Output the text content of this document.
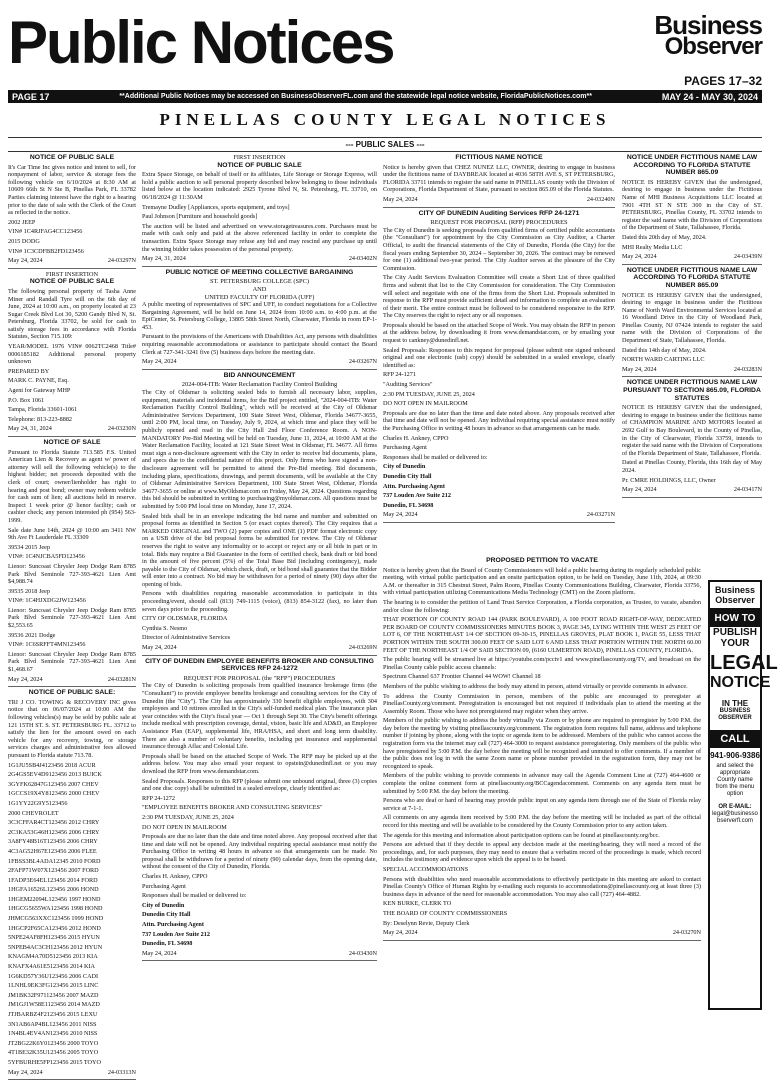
Public Notices	Business
Observer
PAGES 17–32
PAGE 17	**Additional Public Notices may be accessed on BusinessObserverFL.com and the statewide legal notice website, FloridaPublicNotices.com**	MAY 24 - MAY 30, 2024
PINELLAS COUNTY LEGAL NOTICES
--- PUBLIC SALES ---
NOTICE OF PUBLIC SALE

It's Car Time Inc gives notice and intent to sell, for nonpayment of labor, service & storage fees the following vehicle on 6/10/2024 at 8:30 AM at 10609 66th St N Ste B, Pinellas Park, FL 33782 Parties claiming interest have the right to a hearing prior to the date of sale with the Clerk of the Court as reflected in the notice.

2002 JEEP

VIN# 1C4RJFAG4CC123456

2015 DODG

VIN# 1C3CDFBB2FD123456

May 24, 2024	24-03297N
FIRST INSERTION
NOTICE OF PUBLIC SALE

The following personal property of Tasha Anne Miner and Randall Tyre will on the 6th day of June, 2024 at 10:00 a.m., on property located at 23 Sugar Creek Blvd Lot 30, 5200 Gandy Blvd N, St. Petersburg, Florida 33702, be sold for cash to satisfy storage fees in accordance with Florida Statutes, Section 715.109:

YEAR/MODEL 1976 VIN# 0062TC2468 Title# 0006185182 Additional personal property unknown

PREPARED BY

MARK C. PAYNE, Esq.

Agent for Gateway MHP

P.O. Box 1061

Tampa, Florida 33601-1061

Telephone: 813-223-8882

May 24, 31, 2024	24-03230N
NOTICE OF SALE

Pursuant to Florida Statute 713.585 F.S. United American Lien & Recovery as agent w/ power of attorney will sell the following vehicle(s) to the highest bidder; net proceeds deposited with the clerk of court; owner/lienholder has right to hearing and post bond; owner may redeem vehicle for cash sum of lien; all auctions held in reserve. Inspect 1 week prior @ lienor facility; cash or cashier check; any person interested ph (954) 563-1999.

Sale date June 14th, 2024 @ 10:00 am 3411 NW 9th Ave Ft Lauderdale FL 33309

39534 2015 Jeep

VIN#: 1C4NJCBA5FD123456

Lienor: Suncoast Chrysler Jeep Dodge Ram 8785 Park Blvd Seminole 727-393-4621 Lien Amt $4,988.74

39535 2018 Jeep

VIN#: 1C4HJXDG2JW123456

Lienor: Suncoast Chrysler Jeep Dodge Ram 8785 Park Blvd Seminole 727-393-4621 Lien Amt $2,553.65

39536 2021 Dodge

VIN#: 1C6SRFFT4MN123456

Lienor: Suncoast Chrysler Jeep Dodge Ram 8785 Park Blvd Seminole 727-393-4621 Lien Amt $1,468.67

May 24, 2024	24-03281N
NOTICE OF PUBLIC SALE:

TRI J CO. TOWING & RECOVERY INC gives notice that on 06/07/2024 at 10:00 AM the following vehicles(s) may be sold by public sale at 121 15TH ST. S. ST. PETERSBURG FL. 33712 to satisfy the lien for the amount owed on each vehicle for any recovery, towing, or storage services charges and administrative fees allowed pursuant to Florida statute 713.78.

1G1JU5SB4J4123456 2018 ACUR

2G4GS5EV4D9123456 2013 BUICK

3GYFK62847G123456 2007 CHEV

1GCCS19X4Y8123456 2000 CHEV

1G1YY22G9Y5123456

2000 CHEVROLET

3C3CFFAR4CT123456 2012 CHRY

2C3KA53G46H123456 2006 CHRY

3A8FY48B16T123456 2006 CHRY

4C3AG52H67E123456 2006 FLEE

1FBSS3BL4ADA12345 2010 FORD

2FAFP71W07X123456 2007 FORD

1FADP3E64EL123456 2014 FORD

1HGFA16526L123456 2006 HOND

1HGEM22094L123456 1997 HOND

1HGCG5655WA123456 1998 HOND

JHMCG563XXC123456 1999 HOND

1HGCP2F65CA123456 2012 HOND

5NPE24AF8FH123456 2015 HYUN

5NPEB4AC3CH123456 2012 HYUN

KNAGM4A70D5123456 2013 KIA

KNAFX4A61E5123456 2014 KIA

1G6KD57Y36U123456 2006 CADI

1LNHL9EK3FG123456 2015 LINC

JM1BK32F971123456 2007 MAZD

JM1GJ1W58E1123456 2014 MAZD

JTJBARBZ4F2123456 2015 LEXU

3N1AB6AP4BL123456 2011 NISS

1N4BL4EV4AN123456 2010 NISS

JT2BG22K6Y0123456 2000 TOYO

4T1BE32K35U123456 2005 TOYO

5YFBURHE5FP123456 2015 TOYO

May 24, 2024	24-03313N
FIRST INSERTION
NOTICE OF PUBLIC SALE

Extra Space Storage, on behalf of itself or its affiliates, Life Storage or Storage Express, will hold a public auction to sell personal property described below belonging to those individuals listed below at the location indicated: 2925 Tyrone Blvd N, St. Petersburg, FL 33710, on 06/18/2024 @ 11:30AM

Tremayne Dudley [Appliances, sports equipment, and toys]

Paul Johnson [Furniture and household goods]

The auction will be listed and advertised on www.storagetreasures.com. Purchases must be made with cash only and paid at the above referenced facility in order to complete the transaction. Extra Space Storage may refuse any bid and may rescind any purchase up until the winning bidder takes possession of the personal property.

May 24, 31, 2024	24-03402N
PUBLIC NOTICE OF MEETING COLLECTIVE BARGAINING
ST. PETERSBURG COLLEGE (SPC)
AND
UNITED FACULTY OF FLORIDA (UFF)

A public meeting of representatives of SPC and UFF, to conduct negotiations for a Collective Bargaining Agreement, will be held on June 14, 2024 from 10:00 a.m. to 4:00 p.m. at the EpiCenter, St. Petersburg College, 13805 58th Street North, Clearwater, Florida in room EP-1-453.

Pursuant to the provisions of the Americans with Disabilities Act, any persons with disabilities requiring reasonable accommodations or assistance to participate should contact the Board Clerk at 727-341-3241 five (5) business days before the meeting date.

May 24, 2024	24-03267N
BID ANNOUNCEMENT
2024-004-ITB: Water Reclamation Facility Control Building

The City of Oldsmar is soliciting sealed bids to furnish all necessary labor, supplies, equipment, materials and incidental items, for the Bid project entitled, "2024-004-ITB: Water Reclamation Facility Control Building", which will be received at the City of Oldsmar Administrative Services Department, 100 State Street West, Oldsmar, Florida 34677-3655, until 2:00 PM, local time, on Tuesday, July 9, 2024, at which time and place they will be publicly opened and read in the City Hall 2nd Floor Conference Room. A NON-MANDATORY Pre-Bid Meeting will be held on Tuesday, June 11, 2024, at 10:00 AM at the Water Reclamation Facility, located at 121 State Street West in Oldsmar, FL 34677. All firms must sign a non-disclosure agreement with the City in order to receive bid documents, plans, and specs due to the confidential nature of this project. Only firms who have signed a non-disclosure agreement will be permitted to attend the Pre-Bid meeting. Bid documents, including plans, specifications, drawings, and permit documents, will be available at the City of Oldsmar Administrative Services Department, 100 State Street West, Oldsmar, Florida 34677-3655 or online at www.MyOldsmar.com on Friday, May 24, 2024. Questions regarding this bid should be submitted in writing to purchasing@myoldsmar.com. All questions must be submitted by 5:00 PM local time on Monday, June 17, 2024.

Sealed bids shall be in an envelope indicating the bid name and number and submitted on proposal forms as identified in Section 5 (or exact copies thereof). The City requires that a MARKED ORIGINAL and TWO (2) paper copies and ONE (1) PDF format electronic copy on a USB drive of the bid proposal forms be submitted for review. The City of Oldsmar reserves the right to waive any informality or to accept or reject any or all bids in part or in total. Bids may require a Bid Guarantee in the form of certified check, bank draft or bid bond in the amount of five percent (5%) of the Total Base Bid (including contingency), made payable to the City of Oldsmar, which check, draft, or bid bond shall guarantee that the Bidder will enter into a contract. No bid may be withdrawn for a period of ninety (90) days after the opening of bids.

Persons with disabilities requiring reasonable accommodation to participate in this proceeding/event, should call (813) 749-1115 (voice), (813) 854-3122 (fax), no later than seven days prior to the proceeding.

CITY OF OLDSMAR, FLORIDA

Cynthia S. Nesmo

Director of Administrative Services

May 24, 2024	24-03269N
CITY OF DUNEDIN EMPLOYEE BENEFITS BROKER AND CONSULTING SERVICES RFP 24-1272
REQUEST FOR PROPOSAL (the "RFP") PROCEDURES

The City of Dunedin is soliciting proposals from qualified insurance brokerage firms (the "Consultant") to provide employee benefits brokerage and consulting services for the City of Dunedin (the "City"). The City has approximately 330 benefit eligible employees, with 304 employees and 10 retirees enrolled in the City's self-funded medical plan. The insurance plan year coincides with the City's fiscal year — Oct 1 through Sept 30. The City's benefit offerings include medical with prescription coverage, dental, vision, basic life and AD&D, an Employee Assistance Plan (EAP), supplemental life, HRA/HSA, and short and long term disability. There are also a number of voluntary benefits, including pet insurance and supplemental insurance through Aflac and Colonial Life.

Proposals shall be based on the attached Scope of Work. The RFP may be picked up at the address below. You may also email your request to opstein@dunedinfl.net or you may download the RFP from www.demandstar.com.

Sealed Proposals. Responses to this RFP (please submit one unbound original, three (3) copies and one disc copy) shall be submitted in a sealed envelope, clearly identified as:

RFP 24-1272

"EMPLOYEE BENEFITS BROKER AND CONSULTING SERVICES"

2:30 PM TUESDAY, JUNE 25, 2024

DO NOT OPEN IN MAILROOM

Proposals are due no later than the date and time noted above. Any proposal received after that time and date will not be opened. Any individual requiring special assistance must notify the Purchasing Office in writing 48 hours in advance so that arrangements can be made. No proposal shall be withdrawn for a period of ninety (90) calendar days, from the opening date, without the consent of the City of Dunedin, Florida.

Charles H. Ankney, CPPO

Purchasing Agent

Responses shall be mailed or delivered to:

City of Dunedin

Dunedin City Hall

Attn. Purchasing Agent

737 Louden Ave Suite 212

Dunedin, FL 34698

May 24, 2024	24-03430N
FICTITIOUS NAME NOTICE

Notice is hereby given that CHEZ NUNEZ LLC, OWNER, desiring to engage in business under the fictitious name of DAYBREAK located at 4036 58TH AVE S, ST PETERSBURG, FLORIDA 33711 intends to register the said name in PINELLAS county with the Division of Corporations, Florida Department of State, pursuant to section 865.09 of the Florida Statutes.

May 24, 2024	24-03240N
CITY OF DUNEDIN Auditing Services RFP 24-1271
REQUEST FOR PROPOSAL (RFP) PROCEDURES

The City of Dunedin is seeking proposals from qualified firms of certified public accountants (the "Consultant") for appointment by the City Commission as City Auditor, a Charter Official, to audit the financial statements of the City of Dunedin, Florida (the City) for the fiscal years ending September 30, 2024 – September 30, 2026. The contract may be renewed for one (1) additional two-year period. The City Auditor serves at the pleasure of the City Commission.

The City Audit Services Evaluation Committee will create a Short List of three qualified firms and submit that list to the City Commission for consideration. The City Commission will select and negotiate with one of the firms from the Short List. Proposals submitted in response to the RFP must provide sufficient detail and information to complete an evaluation of their merit. The entire contract must be followed to be considered responsive to the RFP. The City reserves the right to reject any or all responses.

Proposals should be based on the attached Scope of Work. You may obtain the RFP in person at the address below, by downloading it from www.demandstar.com, or by emailing your request to cankney@dunedinfl.net.

Sealed Proposals: Responses to this request for proposal (please submit one signed unbound original and one electronic (usb) copy) should be submitted in a sealed envelope, clearly identified as:

RFP 24-1271

"Auditing Services"

2:30 PM TUESDAY, JUNE 25, 2024

DO NOT OPEN IN MAILROOM

Proposals are due no later than the time and date noted above. Any proposals received after that time and date will not be opened. Any individual requiring special assistance must notify the Purchasing Office in writing 48 hours in advance so that arrangements can be made.

Charles H. Ankney, CPPO

Purchasing Agent

Responses shall be mailed or delivered to:

City of Dunedin

Dunedin City Hall

Attn. Purchasing Agent

737 Louden Ave Suite 212

Dunedin, FL 34698

May 24, 2024	24-03271N
NOTICE UNDER FICTITIOUS NAME LAW ACCORDING TO FLORIDA STATUTE NUMBER 865.09

NOTICE IS HEREBY GIVEN that the undersigned, desiring to engage in business under the Fictitious Name of MHI Business Acquisitions LLC located at 7901 4TH ST N STE 300 in the City of ST. PETERSBURG, Pinellas County, FL 33702 intends to register the said name with the Division of Corporations of the Department of State, Tallahassee, Florida.

Dated this 20th day of May, 2024.

MHI Realty Media LLC

May 24, 2024	24-03439N
NOTICE UNDER FICTITIOUS NAME LAW ACCORDING TO FLORIDA STATUTE NUMBER 865.09

NOTICE IS HEREBY GIVEN that the undersigned, desiring to engage in business under the Fictitious Name of North Ward Environmental Services located at 16 Woodland Drive in the City of Woodland Park, Pinellas County, NJ 07424 intends to register the said name with the Division of Corporations of the Department of State, Tallahassee, Florida.

Dated this 14th day of May, 2024.

NORTH WARD CARTING LLC

May 24, 2024	24-03283N
NOTICE UNDER FICTITIOUS NAME LAW PURSUANT TO SECTION 865.09, FLORIDA STATUTES

NOTICE IS HEREBY GIVEN that the undersigned, desiring to engage in business under the fictitious name of CHAMPION MARINE AND MOTORS located at 2692 Gulf to Bay Boulevard, in the County of Pinellas, in the City of Clearwater, Florida 33759, intends to register the said name with the Division of Corporations of the Florida Department of State, Tallahassee, Florida.

Dated at Pinellas County, Florida, this 16th day of May 2024.

Pr. CMRE HOLDINGS, LLC, Owner

May 24, 2024	24-03417N
PROPOSED PETITION TO VACATE

Notice is hereby given that the Board of County Commissioners will hold a public hearing during its regularly scheduled public meeting, with virtual public participation and an onsite participation option, to be held on Tuesday, June 11th, 2024, at 09:30 A.M. or thereafter in 315 Chestnut Street, Palm Room, Pinellas County Communications Building, Clearwater, Florida 33756, with virtual participation utilizing Communications Media Technology (CMT) on the Zoom platform.

The hearing is to consider the petition of Land Trust Service Corporation, a Florida corporation, as Trustee, to vacate, abandon and/or close the following:

THAT PORTION OF COUNTY ROAD 144 (PARK BOULEVARD), A 100 FOOT ROAD RIGHT-OF-WAY, DEDICATED PER BOARD OF COUNTY COMMISSIONERS MINUTES BOOK 3, PAGE 345, LYING WITHIN THE WEST 25 FEET OF LOT 6, OF THE NORTHEAST 1/4 OF SECTION 09-30-15, PINELLAS GROVES, PLAT BOOK 1, PAGE 55, LESS THAT PORTION WITHIN THE SOUTH 300.00 FEET OF SAID LOT 6 AND LESS THAT PORTION WITHIN THE NORTH 60.00 FEET OF THE NORTHEAST 1/4 OF SAID SECTION 09, (6160 ULMERTON ROAD), PINELLAS COUNTY, FLORIDA.

The public hearing will be streamed live at https://youtube.com/pcctv1 and www.pinellascounty.org/TV, and broadcast on the Pinellas County cable public access channels:

Spectrum Channel 637 Frontier Channel 44 WOW! Channel 18

Members of the public wishing to address the body may attend in person, attend virtually or provide comments in advance.

To address the County Commission in person, members of the public are encouraged to preregister at PinellasCounty.org/comment. Preregistration is encouraged but not required if individuals plan to attend the meeting at the Assembly Room. Those who have not preregistered may register when they arrive.

Members of the public wishing to address the body virtually via Zoom or by phone are required to preregister by 5:00 P.M. the day before the meeting by visiting pinellascounty.org/comment. The registration form requires full name, address and telephone number if joining by phone, along with the topic or agenda item to be addressed. Members of the public who cannot access the registration form via the internet may call (727) 464-3000 to request assistance preregistering. Only members of the public who have preregistered by 5:00 P.M. the day before the meeting will be recognized and unmuted to offer comments. If a member of the public does not log in with the same Zoom name or phone number provided in the registration form, they may not be recognized to speak.

Members of the public wishing to provide comments in advance may call the Agenda Comment Line at (727) 464-4600 or complete the online comment form at pinellascounty.org/BCCagendacomment. Comments on any agenda item must be submitted by 5:00 P.M. the day before the meeting.

Persons who are deaf or hard of hearing may provide public input on any agenda item through use of the State of Florida relay service at 7-1-1.

All comments on any agenda item received by 5:00 P.M. the day before the meeting will be included as part of the official record for this meeting and will be available to be considered by the County Commission prior to any action taken.

The agenda for this meeting and information about participation options can be found at pinellascounty.org/bcc.

Persons are advised that if they decide to appeal any decision made at the meeting/hearing, they will need a record of the proceedings, and, for such purposes, they may need to ensure that a verbatim record of the proceedings is made, which record includes the testimony and evidence upon which the appeal is to be based.

SPECIAL ACCOMMODATIONS

Persons with disabilities who need reasonable accommodations to effectively participate in this meeting are asked to contact Pinellas County's Office of Human Rights by e-mailing such requests to accommodations@pinellascounty.org at least three (3) business days in advance of the need for reasonable accommodation. You may also call (727) 464-4882.

KEN BURKE, CLERK TO

THE BOARD OF COUNTY COMMISSIONERS

By: Deselynn Revie, Deputy Clerk

May 24, 2024	24-03270N
Business
Observer
HOW TO
PUBLISH
YOUR
LEGAL
NOTICE
IN THE
BUSINESS OBSERVER
CALL
941-906-9386
and select the appropriate County name from the menu option
OR E-MAIL:
legal@businessobserverfl.com
